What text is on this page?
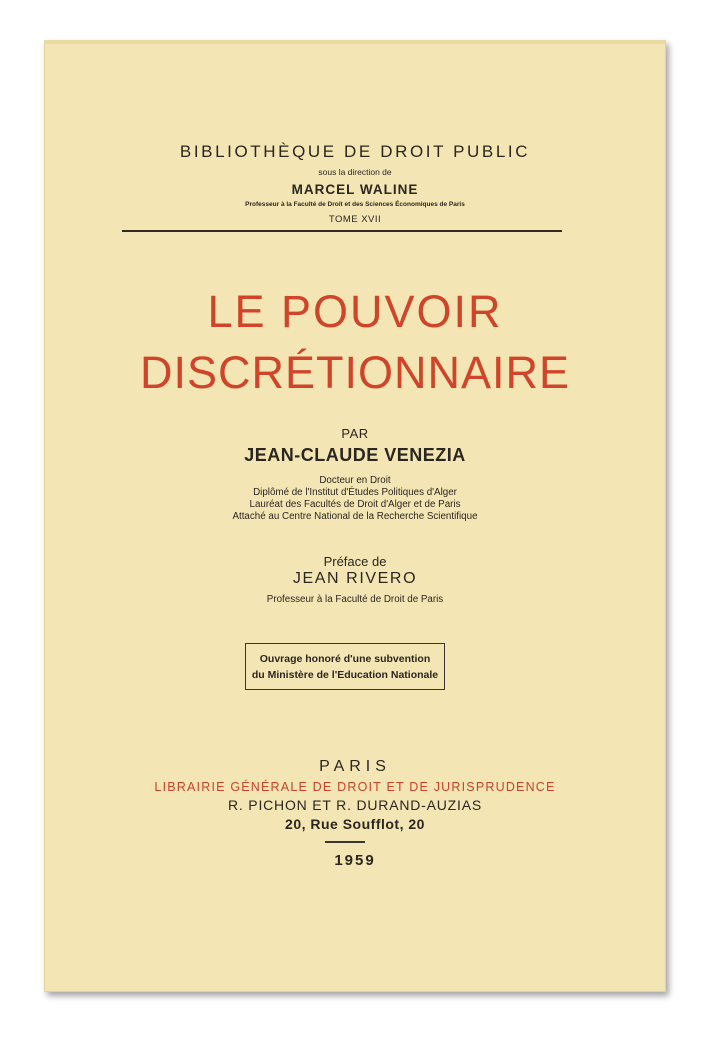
BIBLIOTHÈQUE DE DROIT PUBLIC
sous la direction de
MARCEL WALINE
Professeur à la Faculté de Droit et des Sciences Économiques de Paris
TOME XVII
LE POUVOIR
DISCRÉTIONNAIRE
PAR
JEAN-CLAUDE VENEZIA
Docteur en Droit
Diplômé de l'Institut d'Études Politiques d'Alger
Lauréat des Facultés de Droit d'Alger et de Paris
Attaché au Centre National de la Recherche Scientifique
Préface de
JEAN RIVERO
Professeur à la Faculté de Droit de Paris
Ouvrage honoré d'une subvention
du Ministère de l'Education Nationale
PARIS
LIBRAIRIE GÉNÉRALE DE DROIT ET DE JURISPRUDENCE
R. PICHON ET R. DURAND-AUZIAS
20, Rue Soufflot, 20
1959
